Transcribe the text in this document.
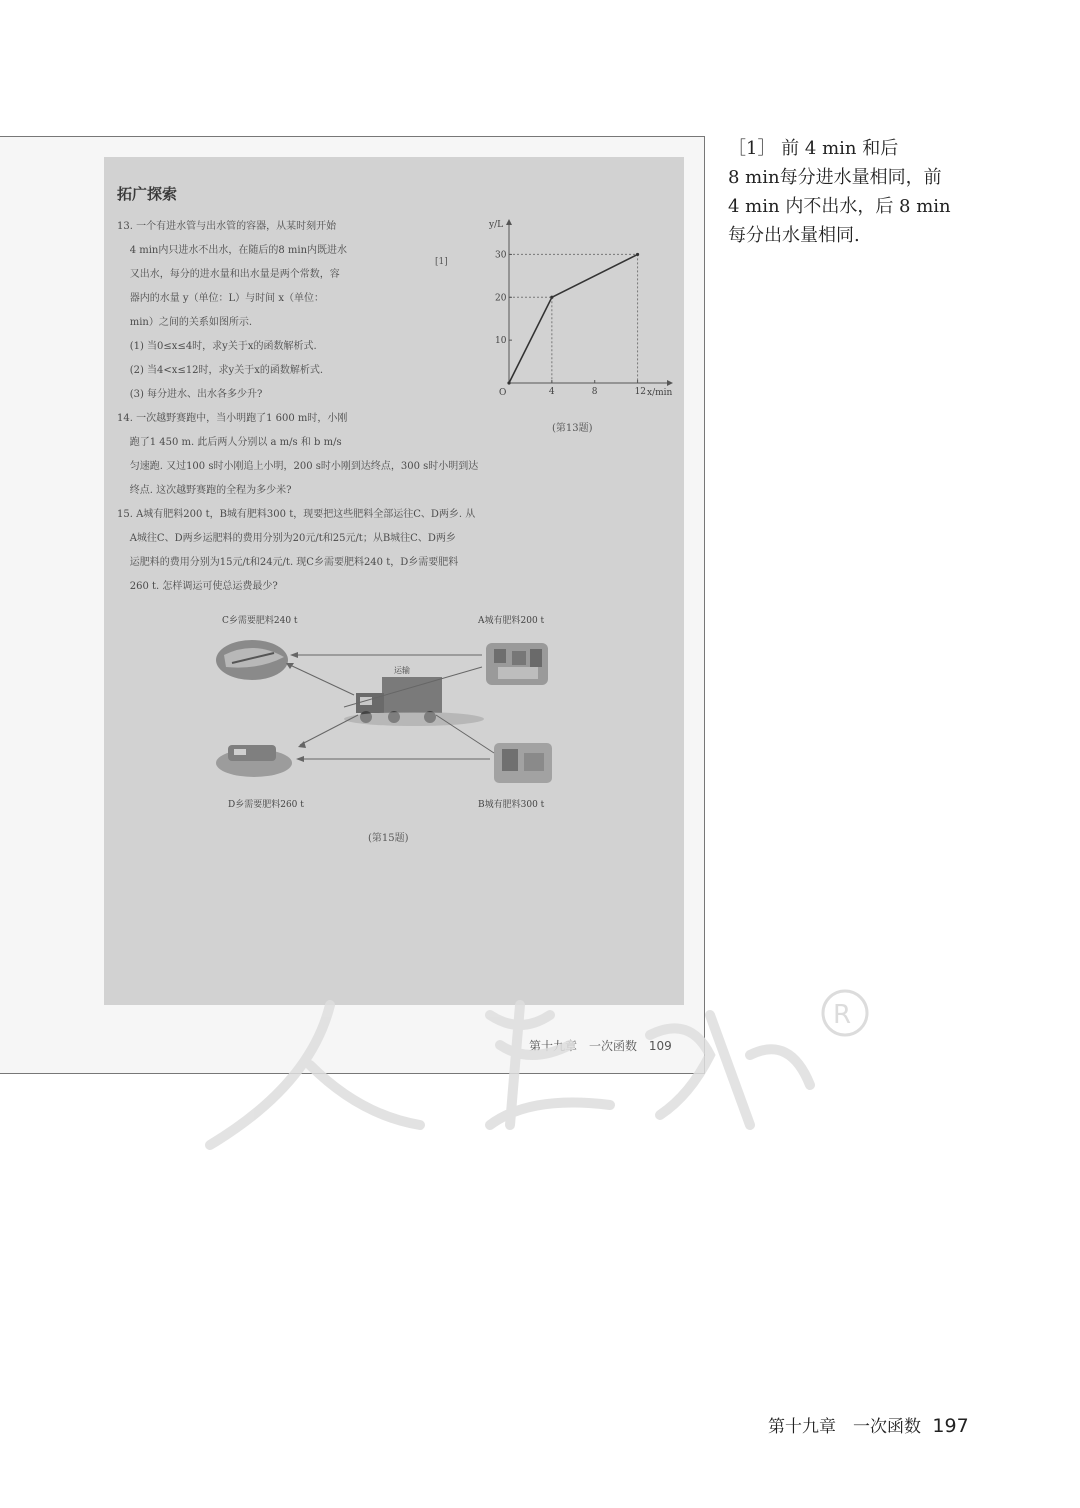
拓广探索
13. 一个有进水管与出水管的容器，从某时刻开始
4 min内只进水不出水，在随后的8 min内既进水
又出水，每分的进水量和出水量是两个常数，容
器内的水量 y（单位：L）与时间 x（单位：
min）之间的关系如图所示.
(1) 当0≤x≤4时，求y关于x的函数解析式.
(2) 当4<x≤12时，求y关于x的函数解析式.
(3) 每分进水、出水各多少升?
[1]
4	8	12
10
20
30
y/L
x/min
O
(第13题)
14. 一次越野赛跑中，当小明跑了1 600 m时，小刚
跑了1 450 m. 此后两人分别以 a m/s 和 b m/s
匀速跑. 又过100 s时小刚追上小明，200 s时小刚到达终点，300 s时小明到达
终点. 这次越野赛跑的全程为多少米?
15. A城有肥料200 t，B城有肥料300 t，现要把这些肥料全部运往C、D两乡. 从
A城往C、D两乡运肥料的费用分别为20元/t和25元/t；从B城往C、D两乡
运肥料的费用分别为15元/t和24元/t. 现C乡需要肥料240 t，D乡需要肥料
260 t. 怎样调运可使总运费最少?
运输
C乡需要肥料240 t	A城有肥料200 t
D乡需要肥料260 t	B城有肥料300 t
(第15题)
第十九章　一次函数 109
R
［1］ 前 4 min 和后
8 min每分进水量相同，前
4 min 内不出水，后 8 min
每分出水量相同.
第十九章　一次函数 197
